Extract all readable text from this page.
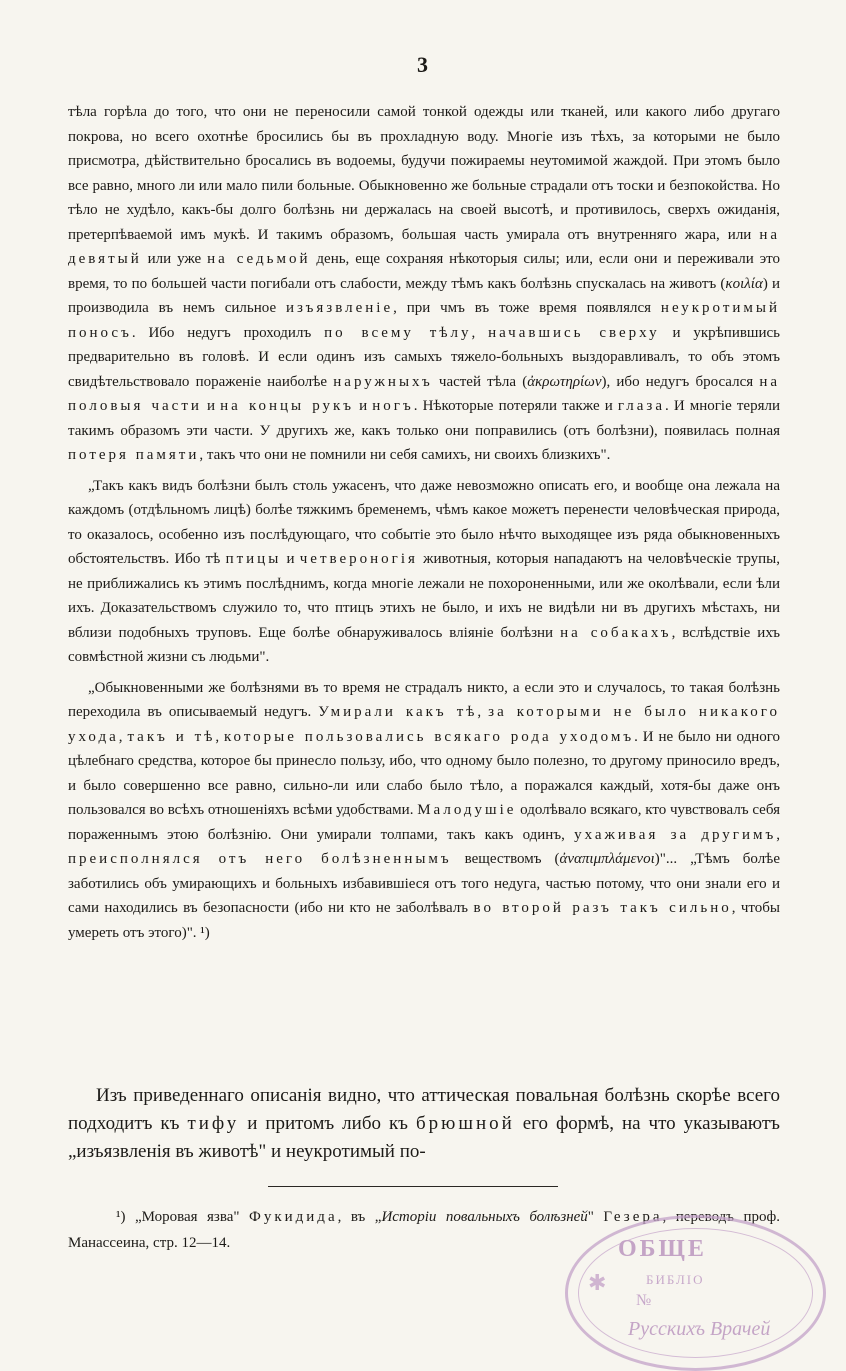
3

тѣла горѣла до того, что они не переносили самой тонкой одежды или тканей, или какого либо другаго покрова, но всего охотнѣе бросились бы въ прохладную воду. Многіе изъ тѣхъ, за которыми не было присмотра, дѣйствительно бросались въ водоемы, будучи пожираемы неутомимой жаждой. При этомъ было все равно, много ли или мало пили больные. Обыкновенно же больные страдали отъ тоски и безпокойства. Но тѣло не худѣло, какъ-бы долго болѣзнь ни держалась на своей высотѣ, и противилось, сверхъ ожиданія, претерпѣваемой имъ мукѣ. И такимъ образомъ, большая часть умирала отъ внутренняго жара, или на девятый или уже на седьмой день, еще сохраняя нѣкоторыя силы; или, если они и переживали это время, то по большей части погибали отъ слабости, между тѣмъ какъ болѣзнь спускалась на животъ (κοιλία) и производила въ немъ сильное изъязвленіе, при чмъ въ тоже время появлялся неукротимый поносъ. Ибо недугъ проходилъ по всему тѣлу, начавшись сверху и укрѣпившись предварительно въ головѣ. И если одинъ изъ самыхъ тяжело-больныхъ выздоравливалъ, то объ этомъ свидѣтельствовало пораженіе наиболѣе наружныхъ частей тѣла (ἀκρωτηρίων), ибо недугъ бросался на половыя части и на концы рукъ и ногъ. Нѣкоторые потеряли также и глаза. И многіе теряли такимъ образомъ эти части. У другихъ же, какъ только они поправились (отъ болѣзни), появилась полная потеря памяти, такъ что они не помнили ни себя самихъ, ни своихъ близкихъ".

„Такъ какъ видъ болѣзни былъ столь ужасенъ, что даже невозможно описать его, и вообще она лежала на каждомъ (отдѣльномъ лицѣ) болѣе тяжкимъ бременемъ, чѣмъ какое можетъ перенести человѣческая природа, то оказалось, особенно изъ послѣдующаго, что событіе это было нѣчто выходящее изъ ряда обыкновенныхъ обстоятельствъ. Ибо тѣ птицы и четвероногія животныя, которыя нападаютъ на человѣческіе трупы, не приближались къ этимъ послѣднимъ, когда многіе лежали не похороненными, или же околѣвали, если ѣли ихъ. Доказательствомъ служило то, что птицъ этихъ не было, и ихъ не видѣли ни въ другихъ мѣстахъ, ни вблизи подобныхъ труповъ. Еще болѣе обнаруживалось вліяніе болѣзни на собакахъ, вслѣдствіе ихъ совмѣстной жизни съ людьми".

„Обыкновенными же болѣзнями въ то время не страдалъ никто, а если это и случалось, то такая болѣзнь переходила въ описываемый недугъ. Умирали какъ тѣ, за которыми не было никакого ухода, такъ и тѣ, которые пользовались всякаго рода уходомъ. И не было ни одного цѣлебнаго средства, которое бы принесло пользу, ибо, что одному было полезно, то другому приносило вредъ, и было совершенно все равно, сильно-ли или слабо было тѣло, а поражался каждый, хотя-бы даже онъ пользовался во всѣхъ отношеніяхъ всѣми удобствами. Малодушіе одолѣвало всякаго, кто чувствовалъ себя пораженнымъ этою болѣзнію. Они умирали толпами, такъ какъ одинъ, ухаживая за другимъ, преисполнялся отъ него болѣзненнымъ веществомъ (ἀναπιμπλάμενοι)"... „Тѣмъ болѣе заботились объ умирающихъ и больныхъ избавившіеся отъ того недуга, частью потому, что они знали его и сами находились въ безопасности (ибо ни кто не заболѣвалъ во второй разъ такъ сильно, чтобы умереть отъ этого)". ¹)

Изъ приведеннаго описанія видно, что аттическая повальная болѣзнь скорѣе всего подходитъ къ тифу и притомъ либо къ брюшной его формѣ, на что указываютъ „изъязвленія въ животѣ" и неукротимый по-

¹) „Моровая язва" Фукидида, въ „Исторіи повальныхъ болѣзней" Гезера, переводъ проф. Манассеина, стр. 12—14.

✱
ОБЩЕ
БИБЛІО
№
Русскихъ Врачей
